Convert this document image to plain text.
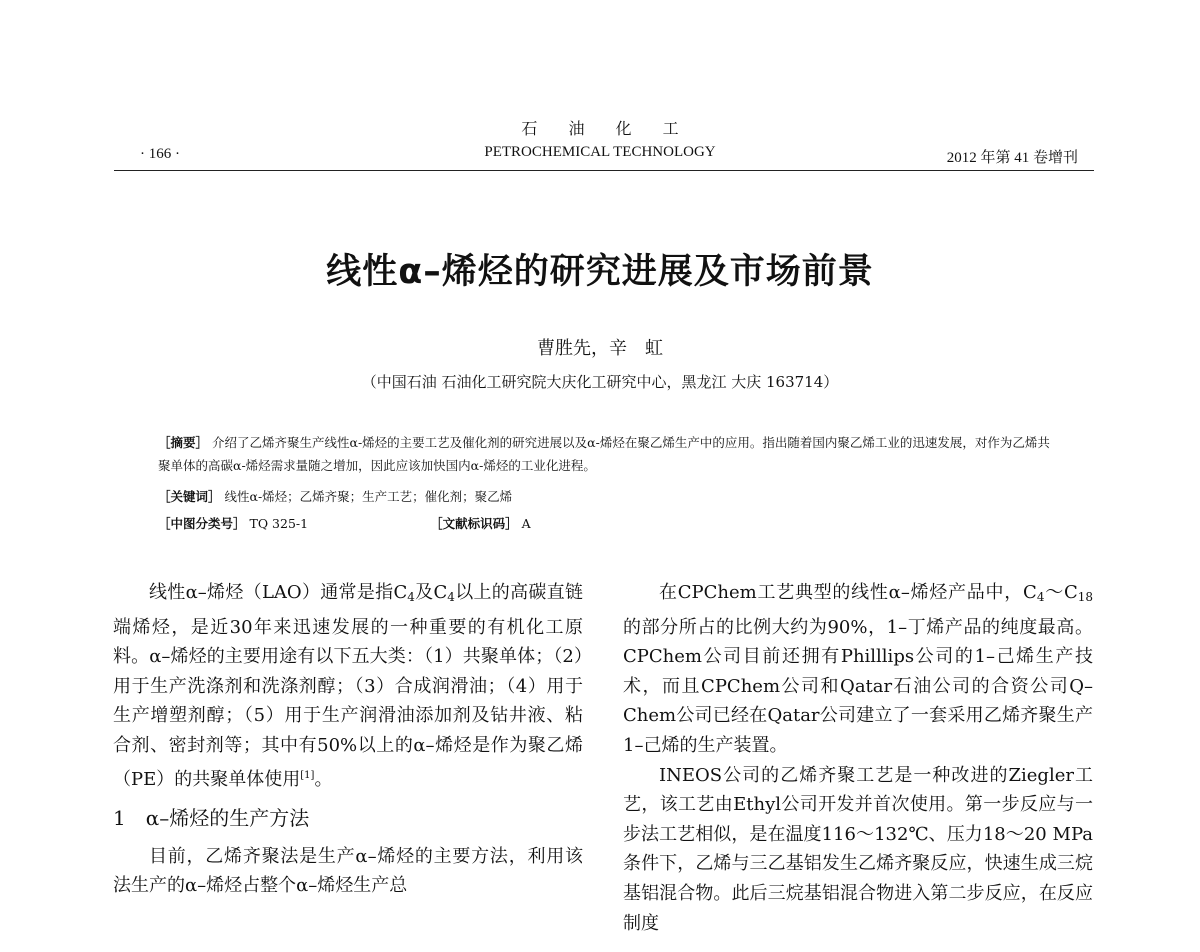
石 油 化 工
PETROCHEMICAL TECHNOLOGY
· 166 ·	2012 年第 41 卷增刊
线性α–烯烃的研究进展及市场前景
曹胜先，辛　虹
（中国石油 石油化工研究院大庆化工研究中心，黑龙江 大庆 163714）
［摘要］ 介绍了乙烯齐聚生产线性α-烯烃的主要工艺及催化剂的研究进展以及α-烯烃在聚乙烯生产中的应用。指出随着国内聚乙烯工业的迅速发展，对作为乙烯共聚单体的高碳α-烯烃需求量随之增加，因此应该加快国内α-烯烃的工业化进程。
［关键词］ 线性α-烯烃；乙烯齐聚；生产工艺；催化剂；聚乙烯
［中图分类号］ TQ 325-1	［文献标识码］ A

线性α–烯烃（LAO）通常是指$C_4$及$C_4$以上的高碳直链端烯烃，是近30年来迅速发展的一种重要的有机化工原料。α–烯烃的主要用途有以下五大类：（1）共聚单体；（2）用于生产洗涤剂和洗涤剂醇；（3）合成润滑油；（4）用于生产增塑剂醇；（5）用于生产润滑油添加剂及钻井液、粘合剂、密封剂等；其中有50%以上的α–烯烃是作为聚乙烯（PE）的共聚单体使用[1]。

1　α–烯烃的生产方法

目前，乙烯齐聚法是生产α–烯烃的主要方法，利用该法生产的α–烯烃占整个α–烯烃生产总

在CPChem工艺典型的线性α–烯烃产品中，$C_4\sim C_{18}$的部分所占的比例大约为90%，1–丁烯产品的纯度最高。CPChem公司目前还拥有Philllips公司的1–己烯生产技术，而且CPChem公司和Qatar石油公司的合资公司Q–Chem公司已经在Qatar公司建立了一套采用乙烯齐聚生产1–己烯的生产装置。

INEOS公司的乙烯齐聚工艺是一种改进的Ziegler工艺，该工艺由Ethyl公司开发并首次使用。第一步反应与一步法工艺相似，是在温度116～132℃、压力18～20 MPa条件下，乙烯与三乙基铝发生乙烯齐聚反应，快速生成三烷基铝混合物。此后三烷基铝混合物进入第二步反应，在反应制度
